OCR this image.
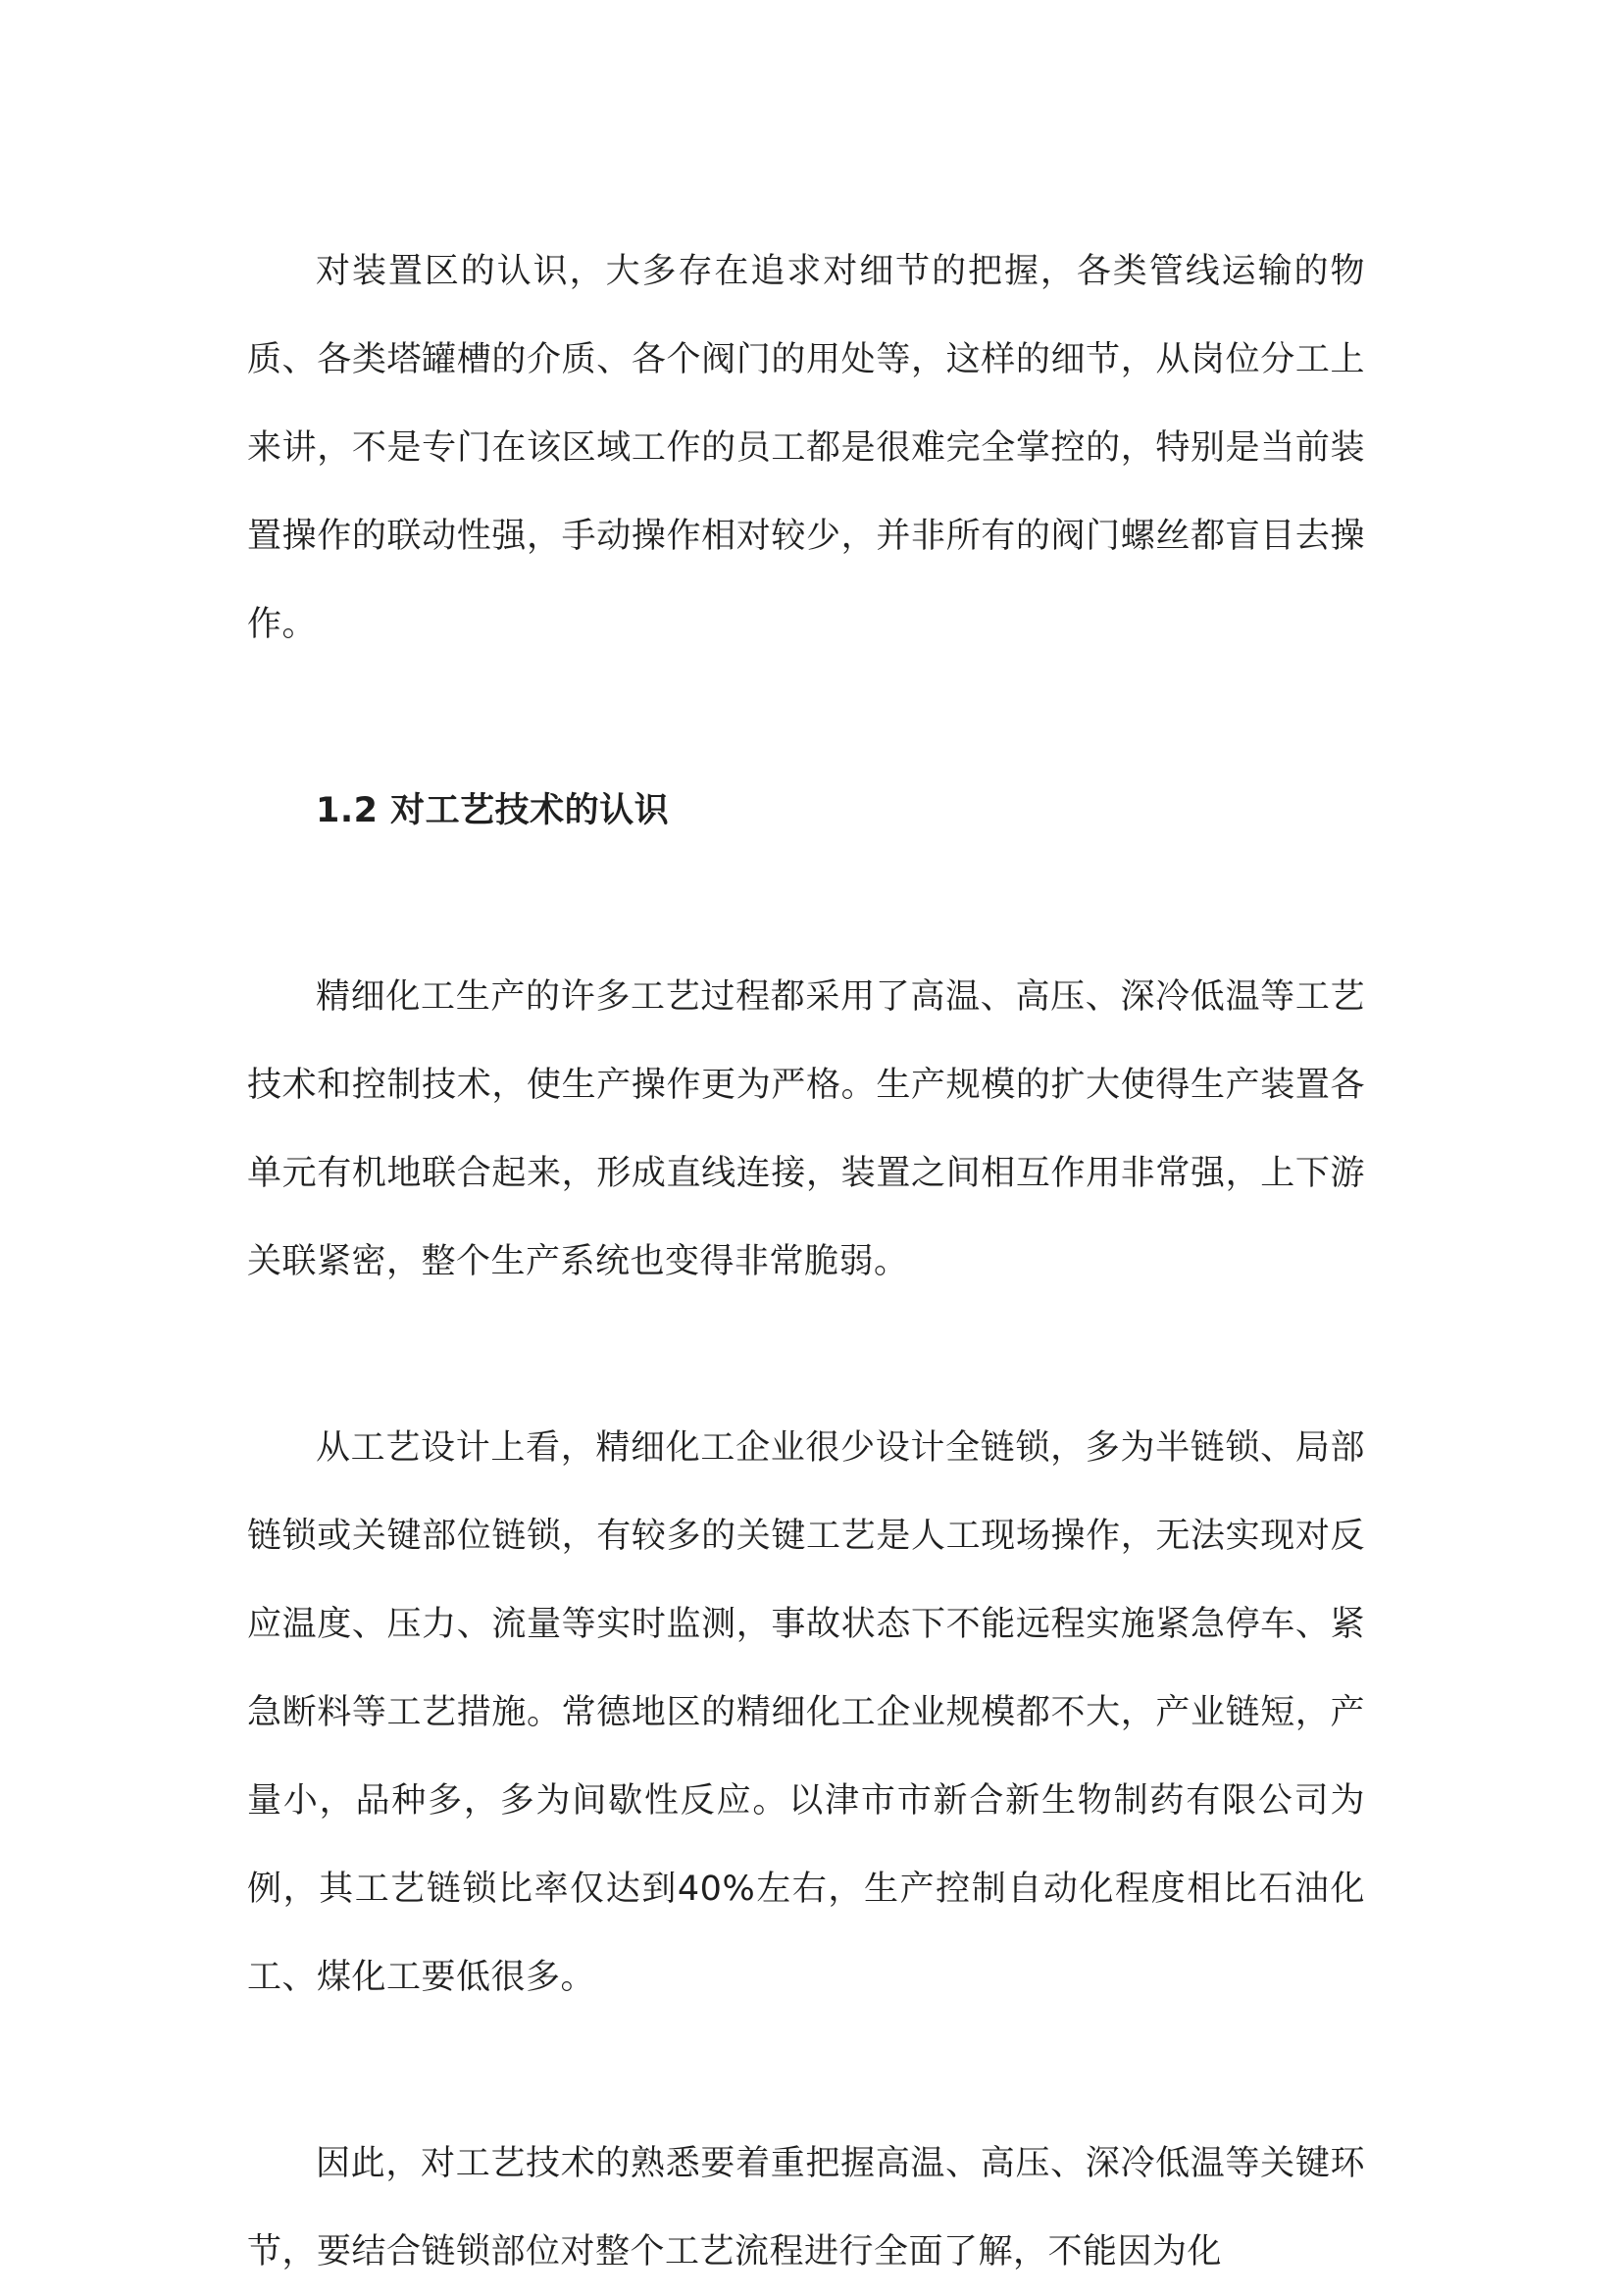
对装置区的认识，大多存在追求对细节的把握，各类管线运输的物质、各类塔罐槽的介质、各个阀门的用处等，这样的细节，从岗位分工上来讲，不是专门在该区域工作的员工都是很难完全掌控的，特别是当前装置操作的联动性强，手动操作相对较少，并非所有的阀门螺丝都盲目去操作。

1.2 对工艺技术的认识

精细化工生产的许多工艺过程都采用了高温、高压、深冷低温等工艺技术和控制技术，使生产操作更为严格。生产规模的扩大使得生产装置各单元有机地联合起来，形成直线连接，装置之间相互作用非常强，上下游关联紧密，整个生产系统也变得非常脆弱。

从工艺设计上看，精细化工企业很少设计全链锁，多为半链锁、局部链锁或关键部位链锁，有较多的关键工艺是人工现场操作，无法实现对反应温度、压力、流量等实时监测，事故状态下不能远程实施紧急停车、紧急断料等工艺措施。常德地区的精细化工企业规模都不大，产业链短，产量小，品种多，多为间歇性反应。以津市市新合新生物制药有限公司为例，其工艺链锁比率仅达到40%左右，生产控制自动化程度相比石油化工、煤化工要低很多。

因此，对工艺技术的熟悉要着重把握高温、高压、深冷低温等关键环节，要结合链锁部位对整个工艺流程进行全面了解，不能因为化
